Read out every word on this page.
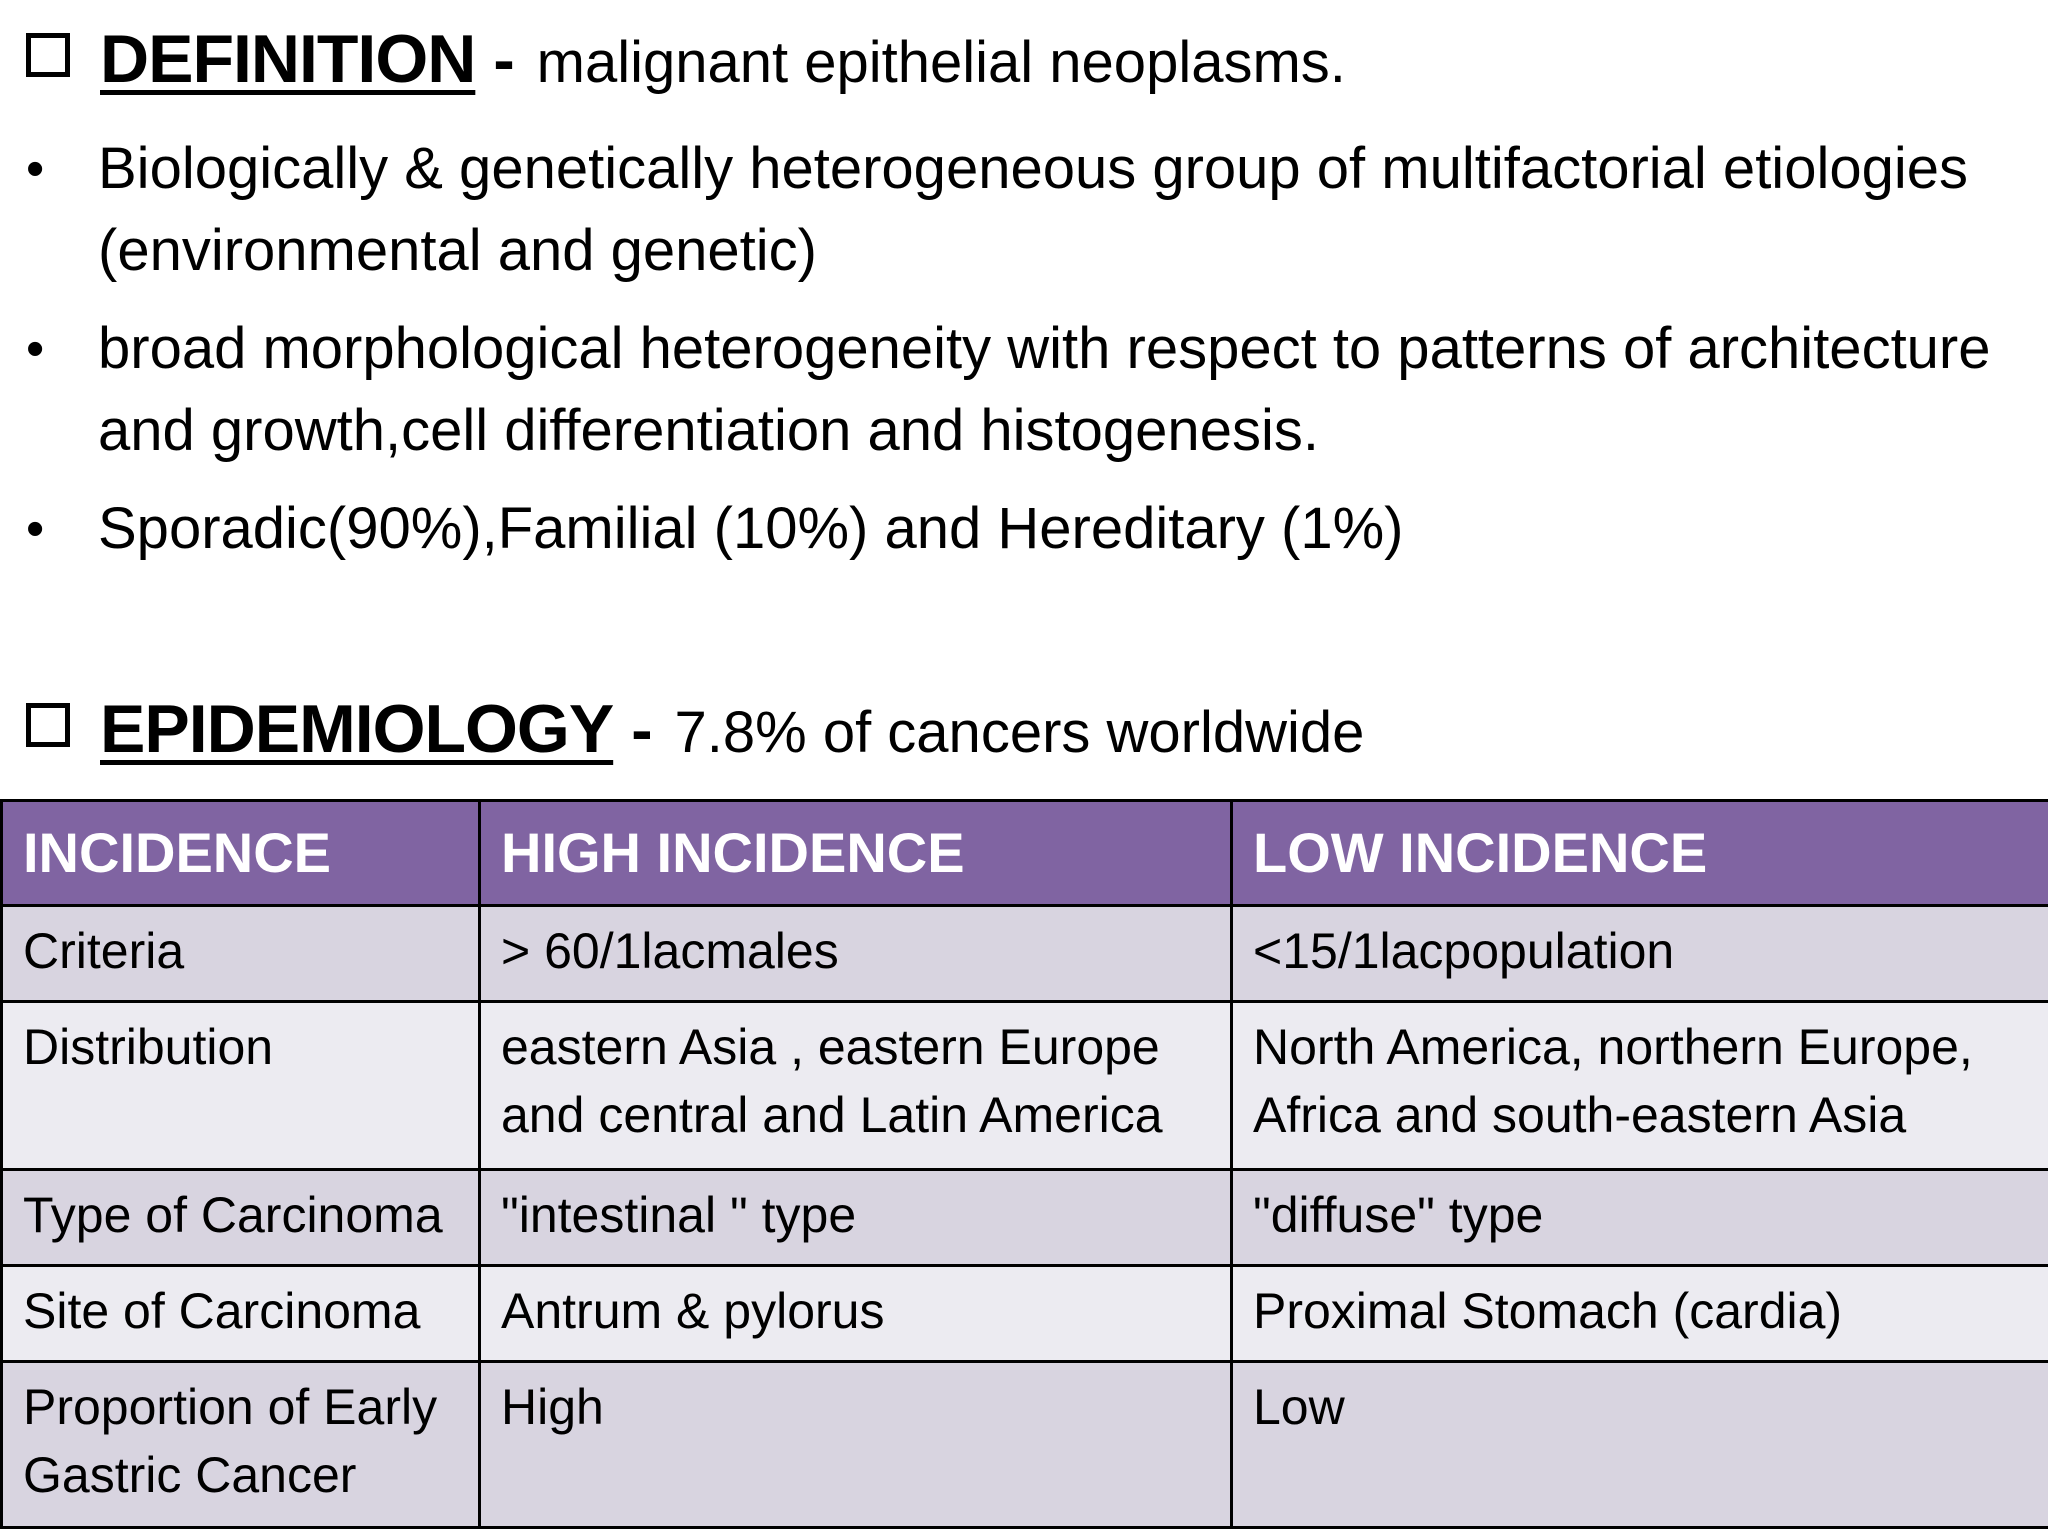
DEFINITION - malignant epithelial neoplasms.
• Biologically & genetically heterogeneous group of multifactorial etiologies (environmental and genetic)
• broad morphological heterogeneity with respect to patterns of architecture and growth,cell differentiation and histogenesis.
• Sporadic(90%),Familial (10%) and Hereditary (1%)
EPIDEMIOLOGY - 7.8% of cancers worldwide
INCIDENCE	HIGH INCIDENCE	LOW INCIDENCE
Criteria	> 60/1lacmales	<15/1lacpopulation
Distribution	eastern Asia , eastern Europe and central and Latin America	North America, northern Europe, Africa and south-eastern Asia
Type of Carcinoma	"intestinal " type	"diffuse" type
Site of Carcinoma	Antrum & pylorus	Proximal Stomach (cardia)
Proportion of Early Gastric Cancer	High	Low
